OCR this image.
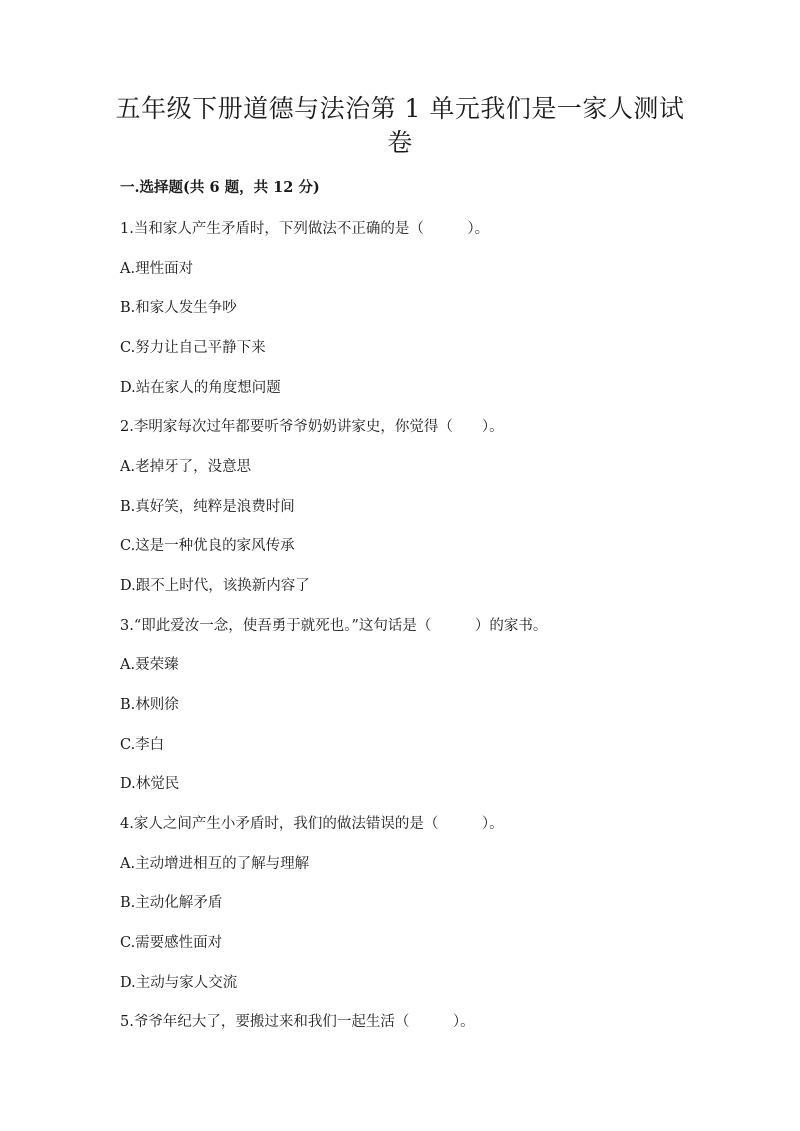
五年级下册道德与法治第 1 单元我们是一家人测试
卷
一.选择题(共 6 题，共 12 分)
1.当和家人产生矛盾时，下列做法不正确的是（　　　）。
A.理性面对
B.和家人发生争吵
C.努力让自己平静下来
D.站在家人的角度想问题
2.李明家每次过年都要听爷爷奶奶讲家史，你觉得（　　）。
A.老掉牙了，没意思
B.真好笑，纯粹是浪费时间
C.这是一种优良的家风传承
D.跟不上时代，该换新内容了
3.“即此爱汝一念，使吾勇于就死也。”这句话是（　　　）的家书。
A.聂荣臻
B.林则徐
C.李白
D.林觉民
4.家人之间产生小矛盾时，我们的做法错误的是（　　　）。
A.主动增进相互的了解与理解
B.主动化解矛盾
C.需要感性面对
D.主动与家人交流
5.爷爷年纪大了，要搬过来和我们一起生活（　　　）。
